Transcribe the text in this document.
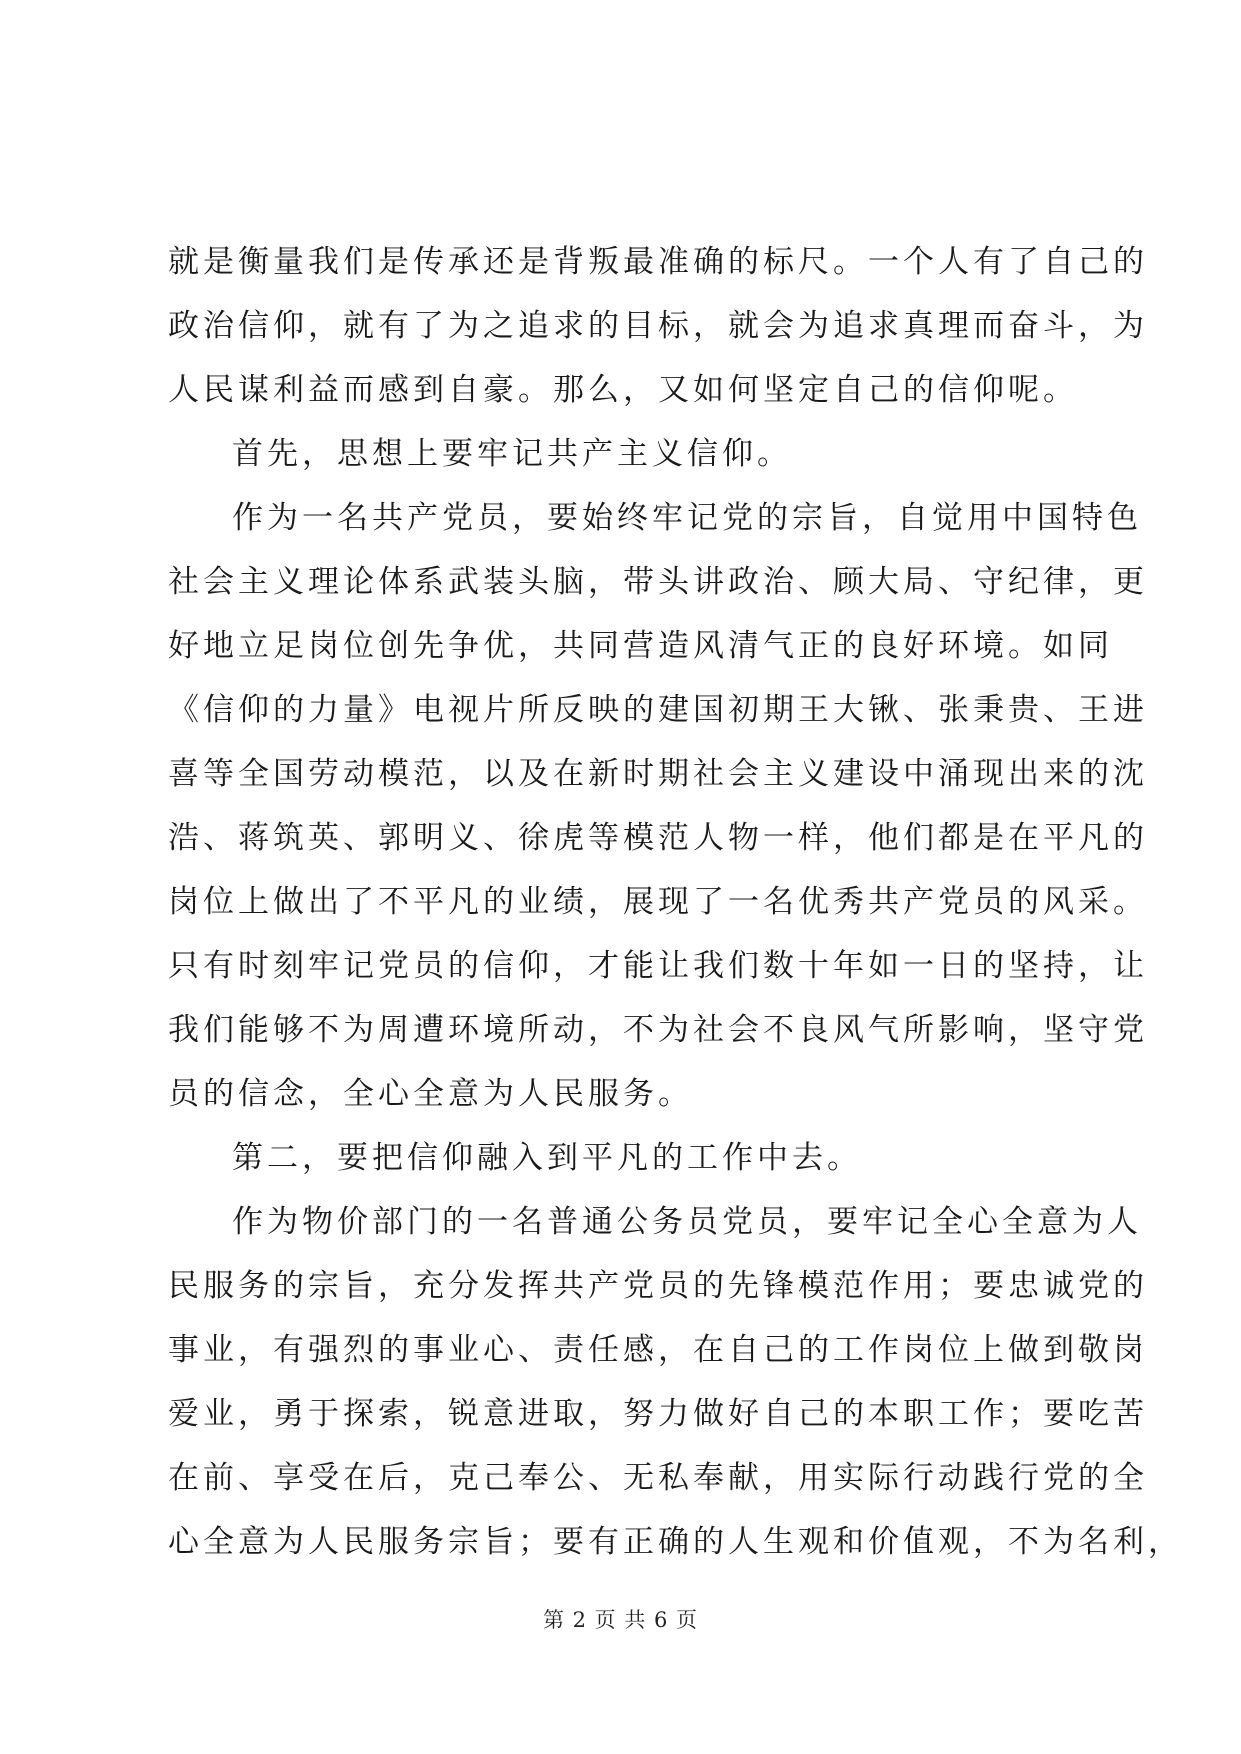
就是衡量我们是传承还是背叛最准确的标尺。一个人有了自己的
政治信仰，就有了为之追求的目标，就会为追求真理而奋斗，为
人民谋利益而感到自豪。那么，又如何坚定自己的信仰呢。
首先，思想上要牢记共产主义信仰。
作为一名共产党员，要始终牢记党的宗旨，自觉用中国特色
社会主义理论体系武装头脑，带头讲政治、顾大局、守纪律，更
好地立足岗位创先争优，共同营造风清气正的良好环境。如同
《信仰的力量》电视片所反映的建国初期王大锹、张秉贵、王进
喜等全国劳动模范，以及在新时期社会主义建设中涌现出来的沈
浩、蒋筑英、郭明义、徐虎等模范人物一样，他们都是在平凡的
岗位上做出了不平凡的业绩，展现了一名优秀共产党员的风采。
只有时刻牢记党员的信仰，才能让我们数十年如一日的坚持，让
我们能够不为周遭环境所动，不为社会不良风气所影响，坚守党
员的信念，全心全意为人民服务。
第二，要把信仰融入到平凡的工作中去。
作为物价部门的一名普通公务员党员，要牢记全心全意为人
民服务的宗旨，充分发挥共产党员的先锋模范作用；要忠诚党的
事业，有强烈的事业心、责任感，在自己的工作岗位上做到敬岗
爱业，勇于探索，锐意进取，努力做好自己的本职工作；要吃苦
在前、享受在后，克己奉公、无私奉献，用实际行动践行党的全
心全意为人民服务宗旨；要有正确的人生观和价值观，不为名利，
第 2 页 共 6 页
